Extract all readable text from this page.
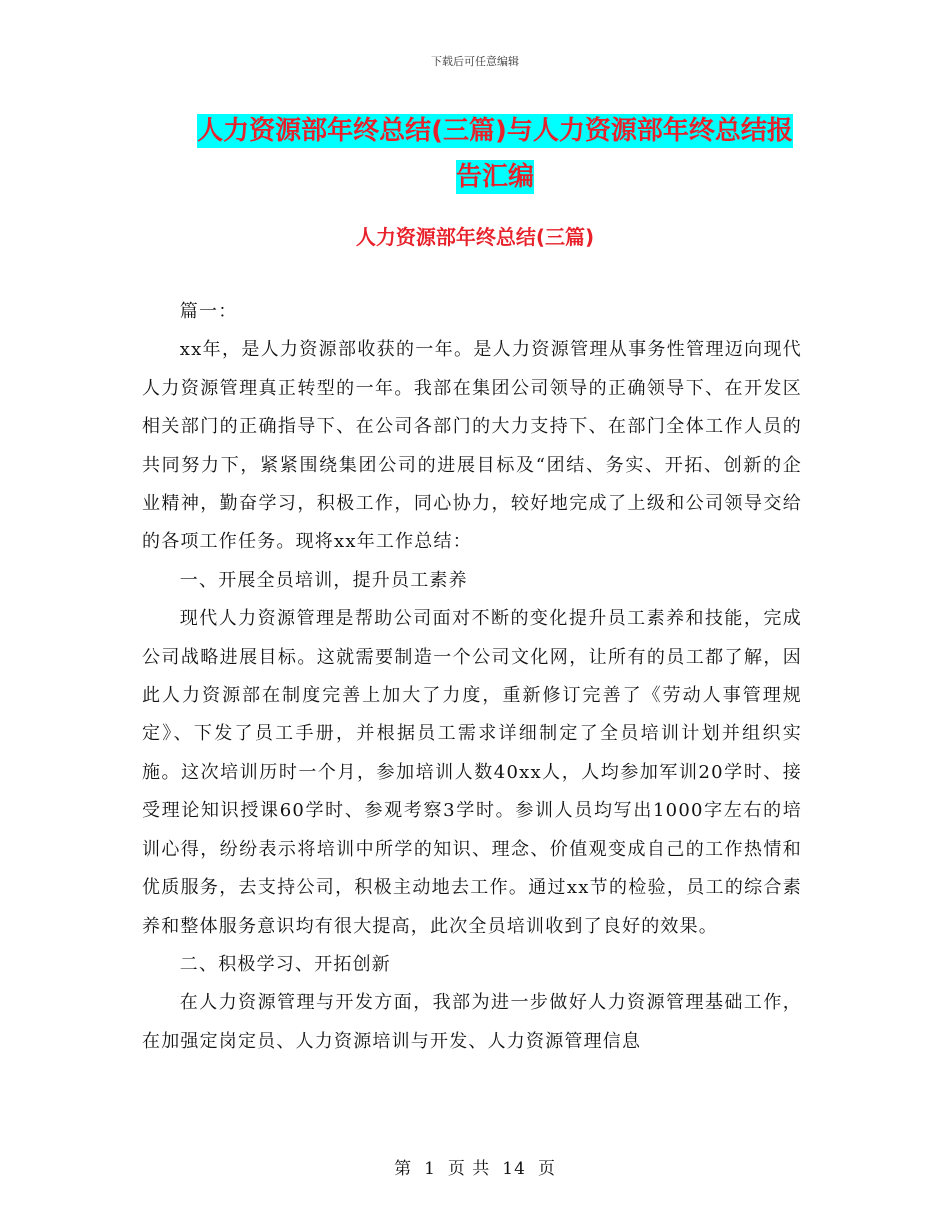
下载后可任意编辑
人力资源部年终总结(三篇)与人力资源部年终总结报
告汇编
人力资源部年终总结(三篇)

篇一：

xx年，是人力资源部收获的一年。是人力资源管理从事务性管理迈向现代人力资源管理真正转型的一年。我部在集团公司领导的正确领导下、在开发区相关部门的正确指导下、在公司各部门的大力支持下、在部门全体工作人员的共同努力下，紧紧围绕集团公司的进展目标及“团结、务实、开拓、创新的企业精神，勤奋学习，积极工作，同心协力，较好地完成了上级和公司领导交给的各项工作任务。现将xx年工作总结：

一、开展全员培训，提升员工素养

现代人力资源管理是帮助公司面对不断的变化提升员工素养和技能，完成公司战略进展目标。这就需要制造一个公司文化网，让所有的员工都了解，因此人力资源部在制度完善上加大了力度，重新修订完善了《劳动人事管理规定》、下发了员工手册，并根据员工需求详细制定了全员培训计划并组织实施。这次培训历时一个月，参加培训人数40xx人，人均参加军训20学时、接受理论知识授课60学时、参观考察3学时。参训人员均写出1000字左右的培训心得，纷纷表示将培训中所学的知识、理念、价值观变成自己的工作热情和优质服务，去支持公司，积极主动地去工作。通过xx节的检验，员工的综合素养和整体服务意识均有很大提高，此次全员培训收到了良好的效果。

二、积极学习、开拓创新

在人力资源管理与开发方面，我部为进一步做好人力资源管理基础工作，在加强定岗定员、人力资源培训与开发、人力资源管理信息

第 1 页 共 14 页
